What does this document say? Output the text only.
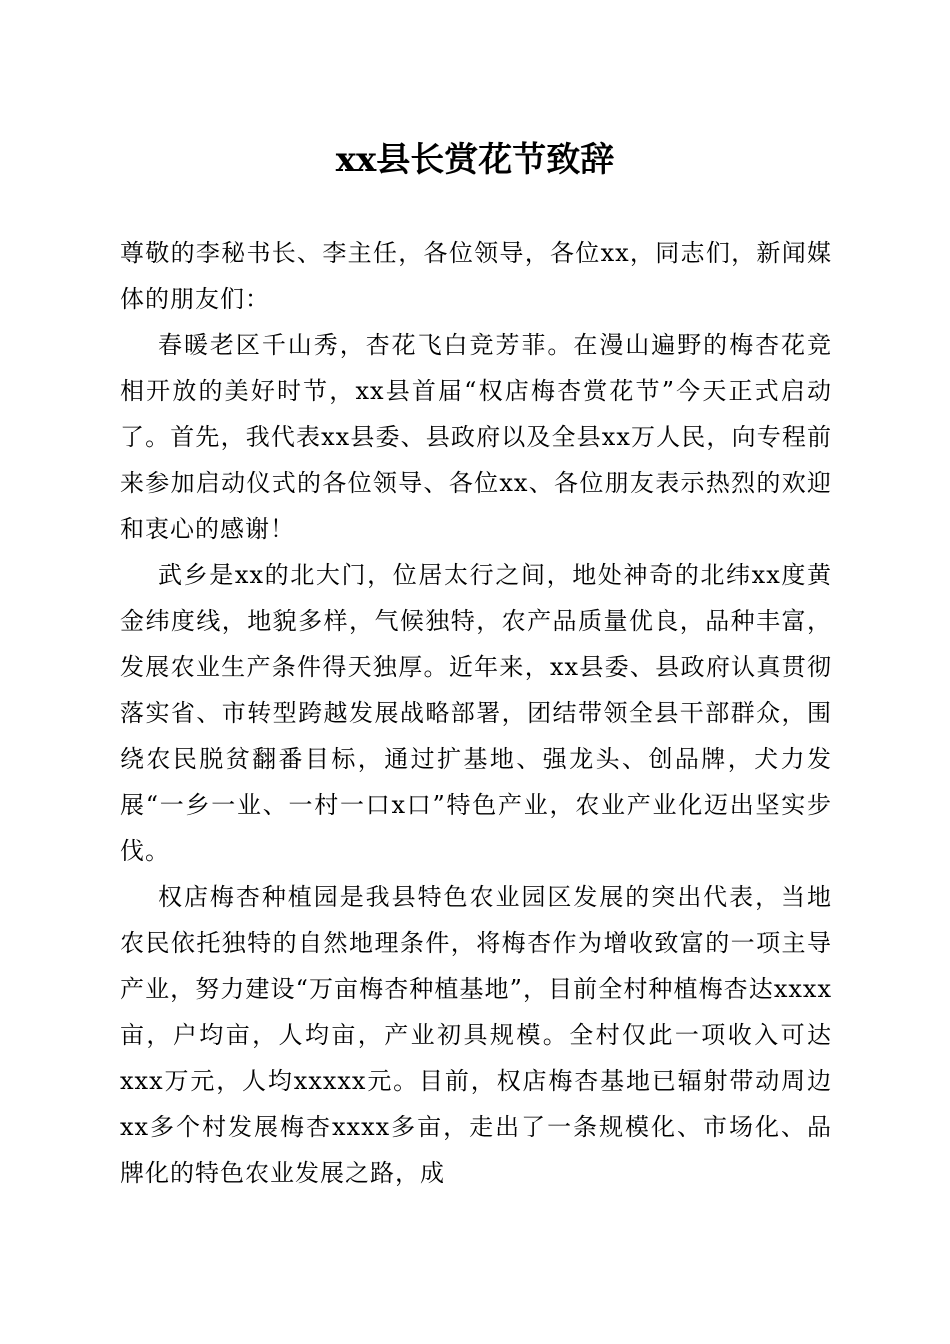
xx县长赏花节致辞

尊敬的李秘书长、李主任，各位领导，各位xx，同志们，新闻媒体的朋友们：

春暖老区千山秀，杏花飞白竞芳菲。在漫山遍野的梅杏花竞相开放的美好时节，xx县首届“权店梅杏赏花节”今天正式启动了。首先，我代表xx县委、县政府以及全县xx万人民，向专程前来参加启动仪式的各位领导、各位xx、各位朋友表示热烈的欢迎和衷心的感谢！

武乡是xx的北大门，位居太行之间，地处神奇的北纬xx度黄金纬度线，地貌多样，气候独特，农产品质量优良，品种丰富，发展农业生产条件得天独厚。近年来，xx县委、县政府认真贯彻落实省、市转型跨越发展战略部署，团结带领全县干部群众，围绕农民脱贫翻番目标，通过扩基地、强龙头、创品牌，犬力发展“一乡一业、一村一口x口”特色产业，农业产业化迈出坚实步伐。

权店梅杏种植园是我县特色农业园区发展的突出代表，当地农民依托独特的自然地理条件，将梅杏作为增收致富的一项主导产业，努力建设“万亩梅杏种植基地”，目前全村种植梅杏达xxxx亩，户均亩，人均亩，产业初具规模。全村仅此一项收入可达xxx万元，人均xxxxx元。目前，权店梅杏基地已辐射带动周边xx多个村发展梅杏xxxx多亩，走出了一条规模化、市场化、品牌化的特色农业发展之路，成
